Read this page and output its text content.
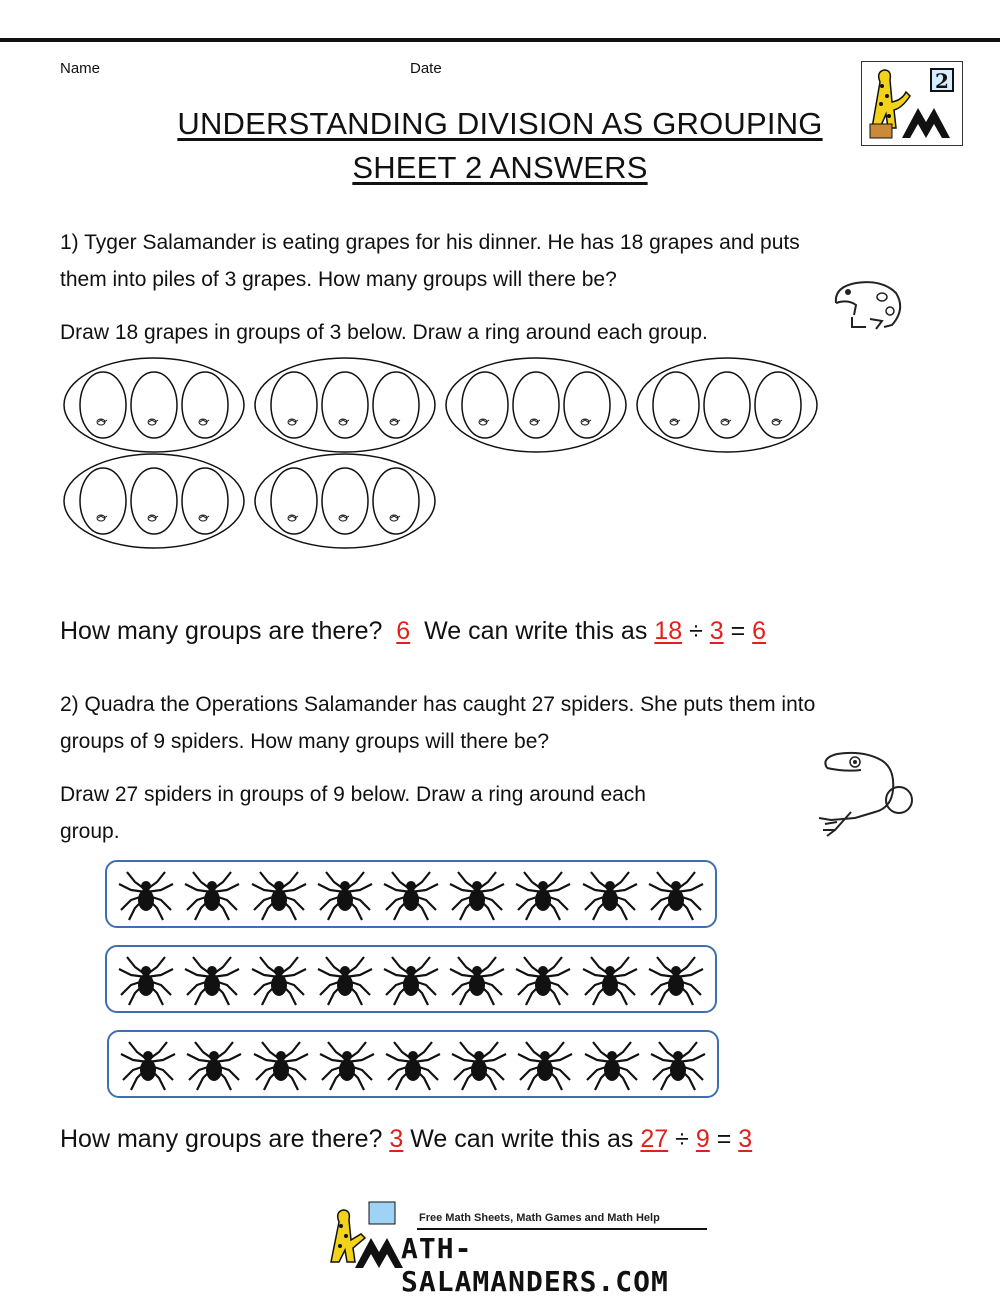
Name	Date
2
UNDERSTANDING DIVISION AS GROUPING
SHEET 2 ANSWERS
1) Tyger Salamander is eating grapes for his dinner. He has 18 grapes and puts
them into piles of 3 grapes. How many groups will there be?
Draw 18 grapes in groups of 3 below. Draw a ring around each group.
How many groups are there? 6 We can write this as 18 ÷ 3 = 6
2) Quadra the Operations Salamander has caught 27 spiders. She puts them into
groups of 9 spiders. How many groups will there be?
Draw 27 spiders in groups of 9 below. Draw a ring around each
group.
How many groups are there? 3 We can write this as 27 ÷ 9 = 3
Free Math Sheets, Math Games and Math Help
ATH-SALAMANDERS.COM
